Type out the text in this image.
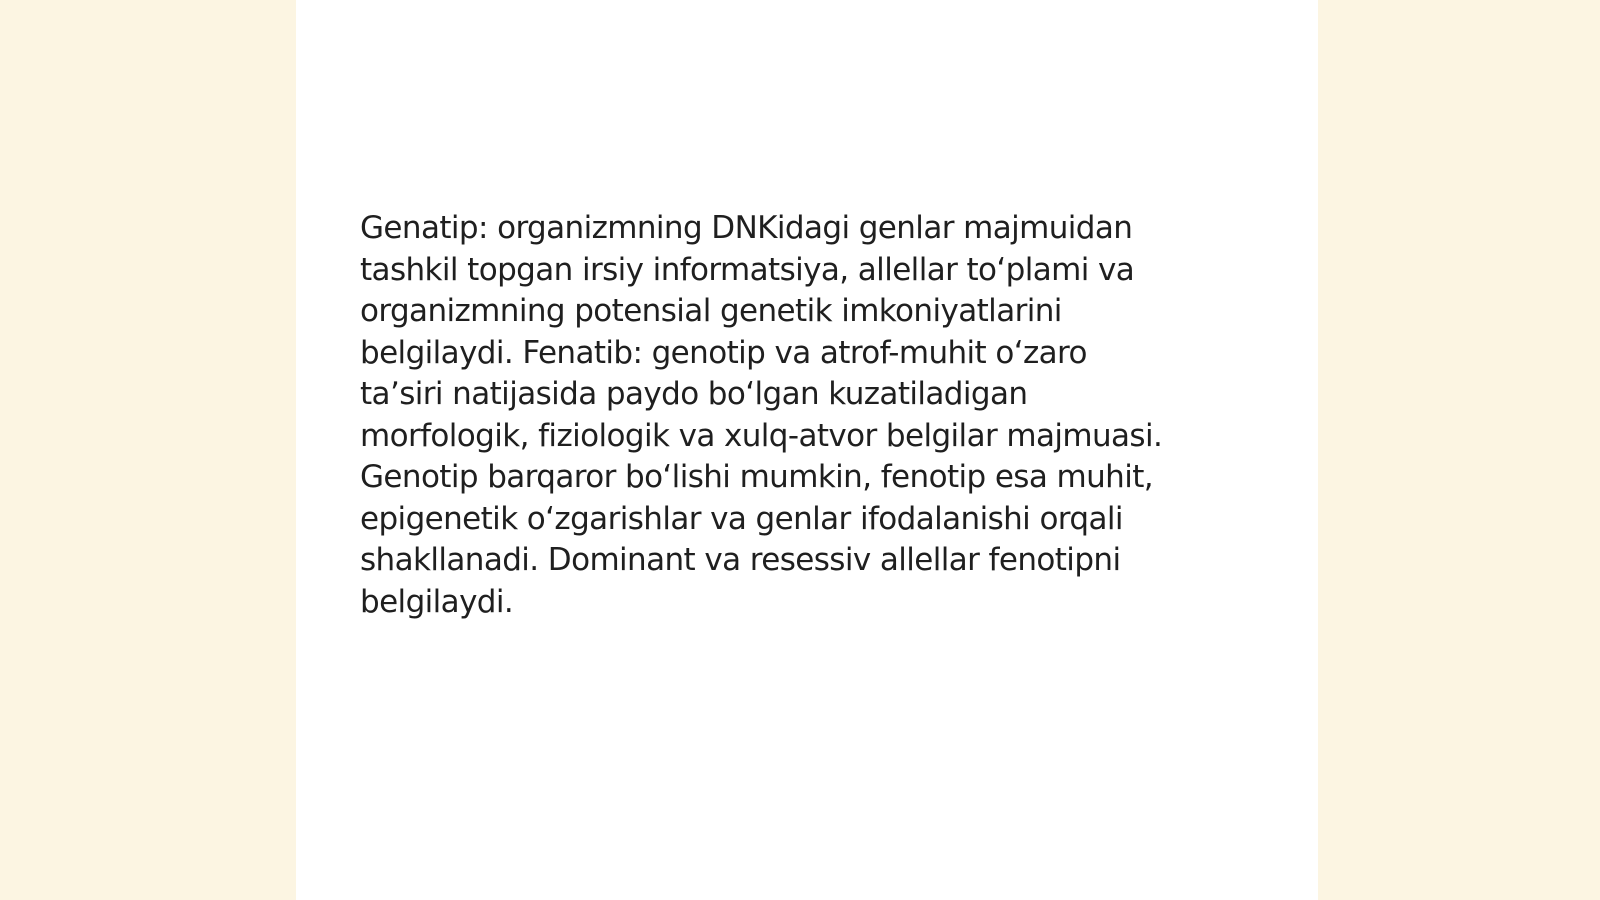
Genatip: organizmning DNKidagi genlar majmuidan
tashkil topgan irsiy informatsiya, allellar toʻplami va
organizmning potensial genetik imkoniyatlarini
belgilaydi. Fenatib: genotip va atrof-muhit oʻzaro
taʼsiri natijasida paydo boʻlgan kuzatiladigan
morfologik, fiziologik va xulq-atvor belgilar majmuasi.
Genotip barqaror boʻlishi mumkin, fenotip esa muhit,
epigenetik oʻzgarishlar va genlar ifodalanishi orqali
shakllanadi. Dominant va resessiv allellar fenotipni
belgilaydi.
